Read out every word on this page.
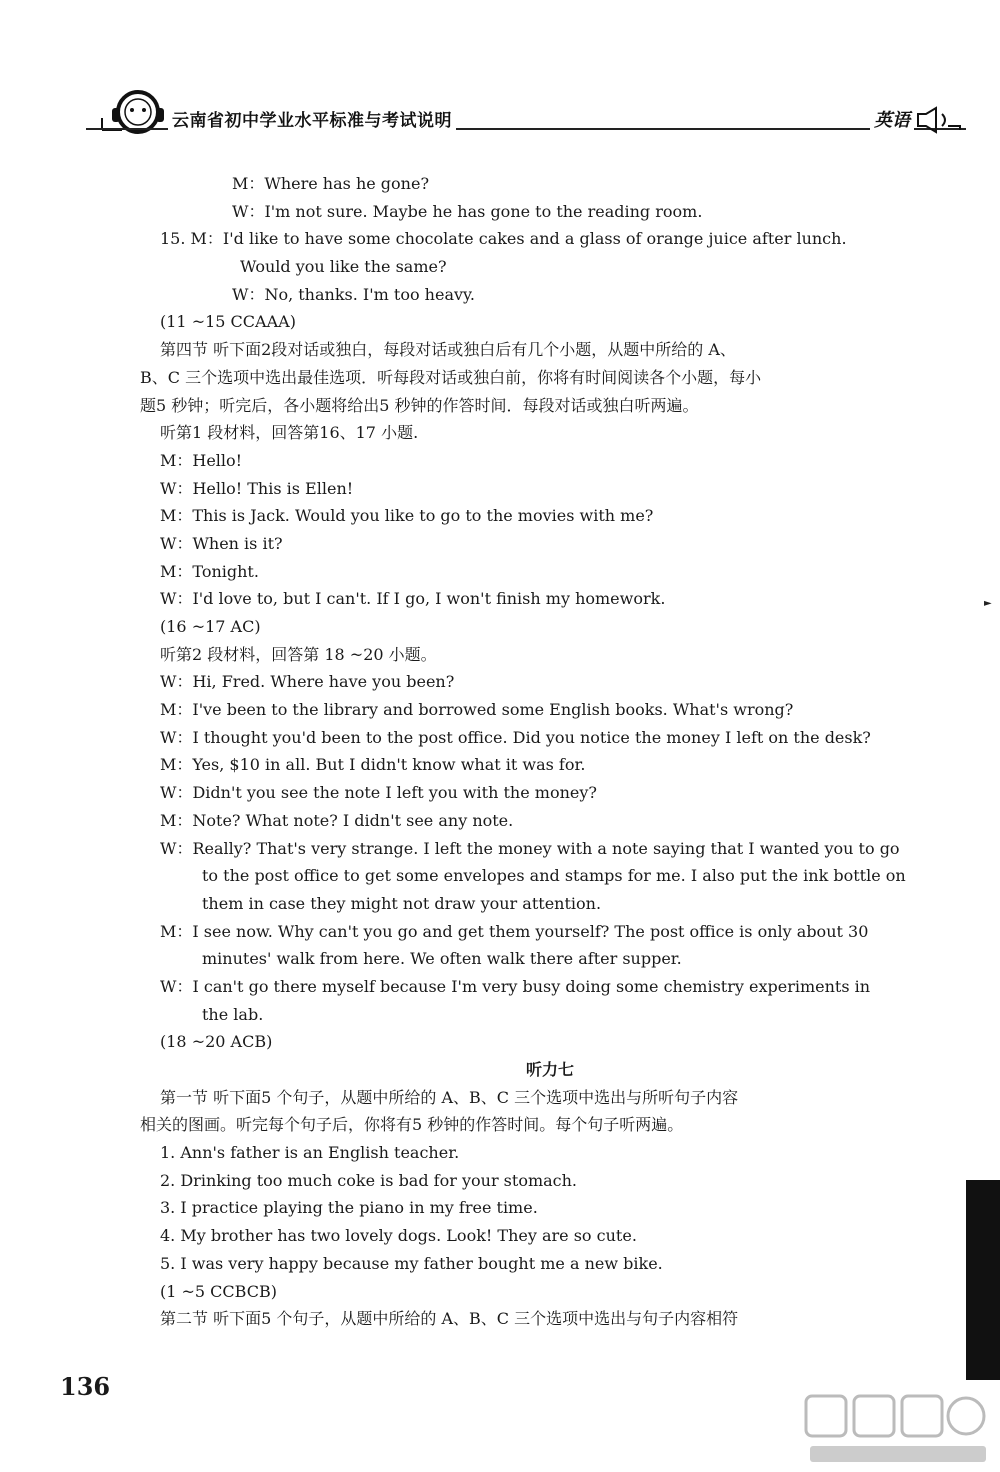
云南省初中学业水平标准与考试说明	英语
M：Where has he gone?
W：I'm not sure. Maybe he has gone to the reading room.
15. M：I'd like to have some chocolate cakes and a glass of orange juice after lunch.
Would you like the same?
W：No, thanks. I'm too heavy.
(11 ~15 CCAAA)
第四节 听下面2段对话或独白，每段对话或独白后有几个小题，从题中所给的 A、
B、C 三个选项中选出最佳选项．听每段对话或独白前，你将有时间阅读各个小题，每小
题5 秒钟；听完后，各小题将给出5 秒钟的作答时间．每段对话或独白听两遍。
听第1 段材料，回答第16、17 小题.
M：Hello!
W：Hello! This is Ellen!
M：This is Jack. Would you like to go to the movies with me?
W：When is it?
M：Tonight.
W：I'd love to, but I can't. If I go, I won't finish my homework.
(16 ~17 AC)
听第2 段材料，回答第 18 ~20 小题。
W：Hi, Fred. Where have you been?
M：I've been to the library and borrowed some English books. What's wrong?
W：I thought you'd been to the post office. Did you notice the money I left on the desk?
M：Yes, $10 in all. But I didn't know what it was for.
W：Didn't you see the note I left you with the money?
M：Note? What note? I didn't see any note.
W：Really? That's very strange. I left the money with a note saying that I wanted you to go
to the post office to get some envelopes and stamps for me. I also put the ink bottle on
them in case they might not draw your attention.
M：I see now. Why can't you go and get them yourself? The post office is only about 30
minutes' walk from here. We often walk there after supper.
W：I can't go there myself because I'm very busy doing some chemistry experiments in
the lab.
(18 ~20 ACB)
听力七
第一节 听下面5 个句子，从题中所给的 A、B、C 三个选项中选出与所听句子内容
相关的图画。听完每个句子后，你将有5 秒钟的作答时间。每个句子听两遍。
1. Ann's father is an English teacher.
2. Drinking too much coke is bad for your stomach.
3. I practice playing the piano in my free time.
4. My brother has two lovely dogs. Look! They are so cute.
5. I was very happy because my father bought me a new bike.
(1 ~5 CCBCB)
第二节 听下面5 个句子，从题中所给的 A、B、C 三个选项中选出与句子内容相符
►
136
